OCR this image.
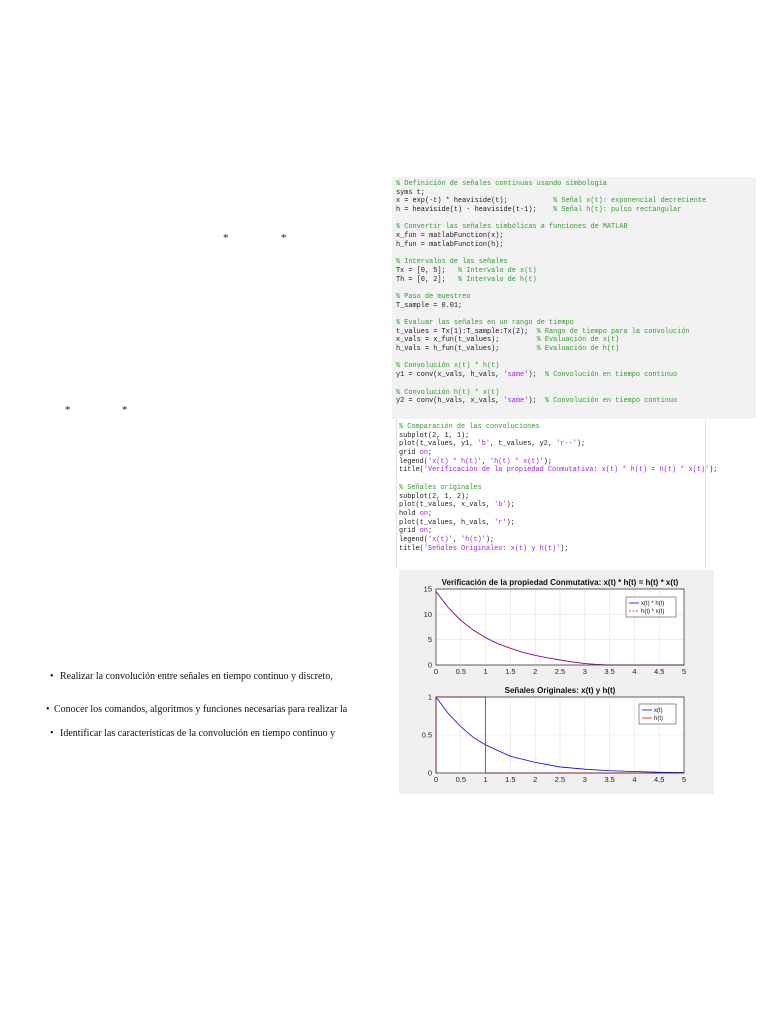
*	*
*	*
% Definición de señales continuas usando simbología
syms t;
x = exp(-t) * heaviside(t);           % Señal x(t): exponencial decreciente
h = heaviside(t) - heaviside(t-1);    % Señal h(t): pulso rectangular

% Convertir las señales simbólicas a funciones de MATLAB
x_fun = matlabFunction(x);
h_fun = matlabFunction(h);

% Intervalos de las señales
Tx = [0, 5];   % Intervalo de x(t)
Th = [0, 2];   % Intervalo de h(t)

% Paso de muestreo
T_sample = 0.01;

% Evaluar las señales en un rango de tiempo
t_values = Tx(1):T_sample:Tx(2);  % Rango de tiempo para la convolución
x_vals = x_fun(t_values);         % Evaluación de x(t)
h_vals = h_fun(t_values);         % Evaluación de h(t)

% Convolución x(t) * h(t)
y1 = conv(x_vals, h_vals, 'same');  % Convolución en tiempo continuo

% Convolución h(t) * x(t)
y2 = conv(h_vals, x_vals, 'same');  % Convolución en tiempo continuo
% Comparación de las convoluciones
subplot(2, 1, 1);
plot(t_values, y1, 'b', t_values, y2, 'r--');
grid on;
legend('x(t) * h(t)', 'h(t) * x(t)');
title('Verificación de la propiedad Conmutativa: x(t) * h(t) = h(t) * x(t)');

% Señales originales
subplot(2, 1, 2);
plot(t_values, x_vals, 'b');
hold on;
plot(t_values, h_vals, 'r');
grid on;
legend('x(t)', 'h(t)');
title('Señales Originales: x(t) y h(t)');
0 0.5 1 1.5 2 2.5 3 3.5 4 4.5 5
0
5
10
15
Verificación de la propiedad Conmutativa: x(t) * h(t) = h(t) * x(t)
x(t) * h(t)
h(t) * x(t)
0 0.5 1 1.5 2 2.5 3 3.5 4 4.5 5
0
0.5
1
Señales Originales: x(t) y h(t)
x(t)
h(t)
• Realizar la convolución entre señales en tiempo continuo y discreto,
• Conocer los comandos, algoritmos y funciones necesarias para realizar la
• Identificar las características de la convolución en tiempo continuo y
